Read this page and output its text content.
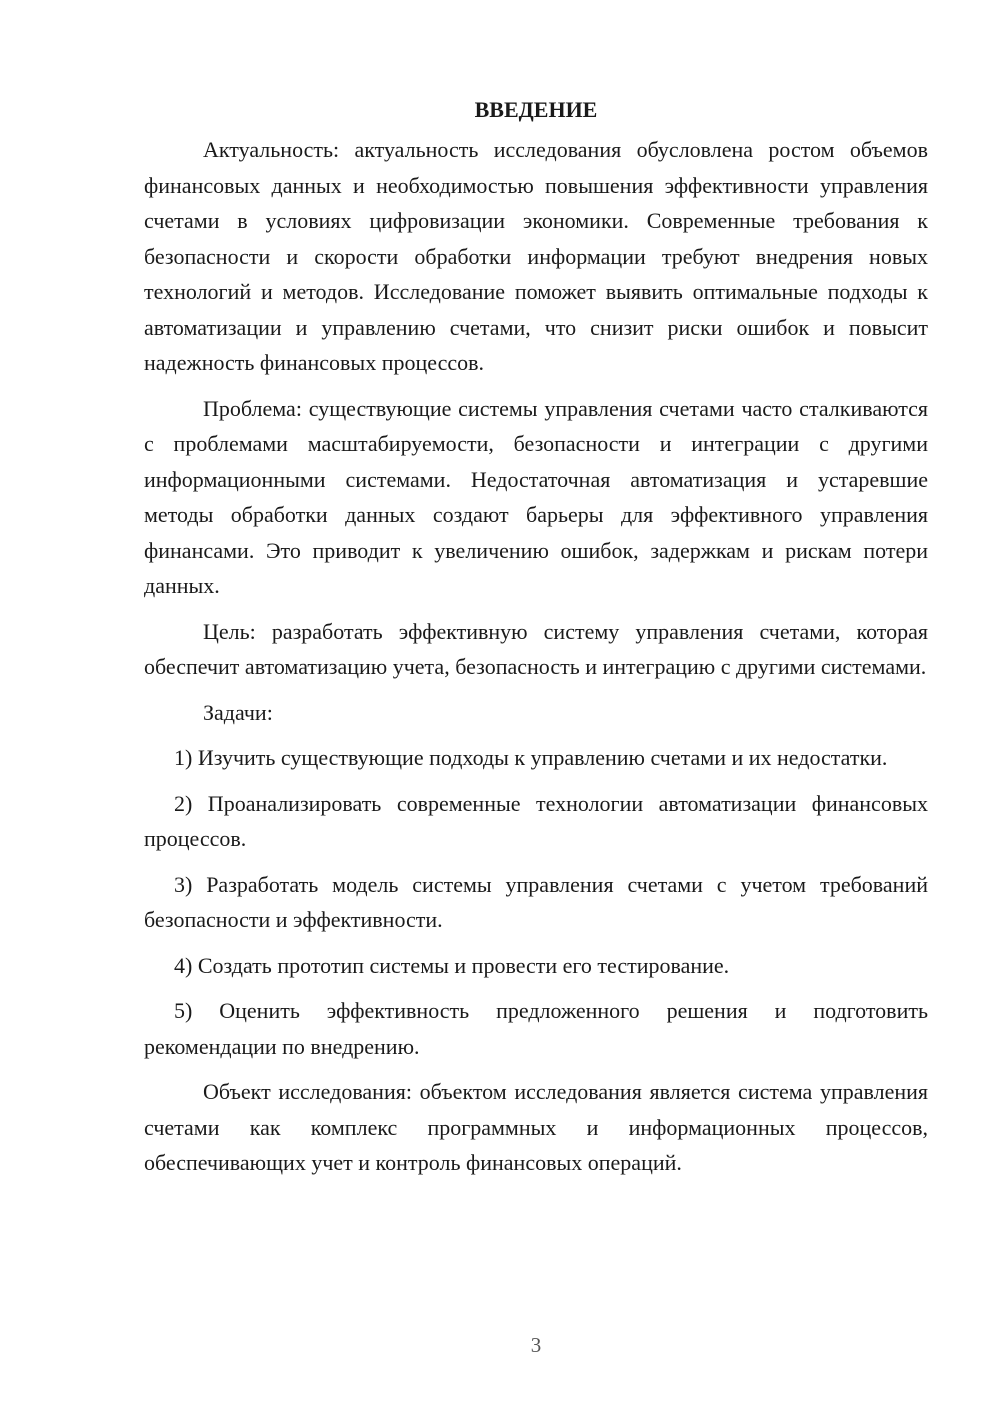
ВВЕДЕНИЕ

Актуальность: актуальность исследования обусловлена ростом объемов финансовых данных и необходимостью повышения эффективности управления счетами в условиях цифровизации экономики. Современные требования к безопасности и скорости обработки информации требуют внедрения новых технологий и методов. Исследование поможет выявить оптимальные подходы к автоматизации и управлению счетами, что снизит риски ошибок и повысит надежность финансовых процессов.

Проблема: существующие системы управления счетами часто сталкиваются с проблемами масштабируемости, безопасности и интеграции с другими информационными системами. Недостаточная автоматизация и устаревшие методы обработки данных создают барьеры для эффективного управления финансами. Это приводит к увеличению ошибок, задержкам и рискам потери данных.

Цель: разработать эффективную систему управления счетами, которая обеспечит автоматизацию учета, безопасность и интеграцию с другими системами.

Задачи:

1) Изучить существующие подходы к управлению счетами и их недостатки.

2) Проанализировать современные технологии автоматизации финансовых процессов.

3) Разработать модель системы управления счетами с учетом требований безопасности и эффективности.

4) Создать прототип системы и провести его тестирование.

5) Оценить эффективность предложенного решения и подготовить рекомендации по внедрению.

Объект исследования: объектом исследования является система управления счетами как комплекс программных и информационных процессов, обеспечивающих учет и контроль финансовых операций.

3
